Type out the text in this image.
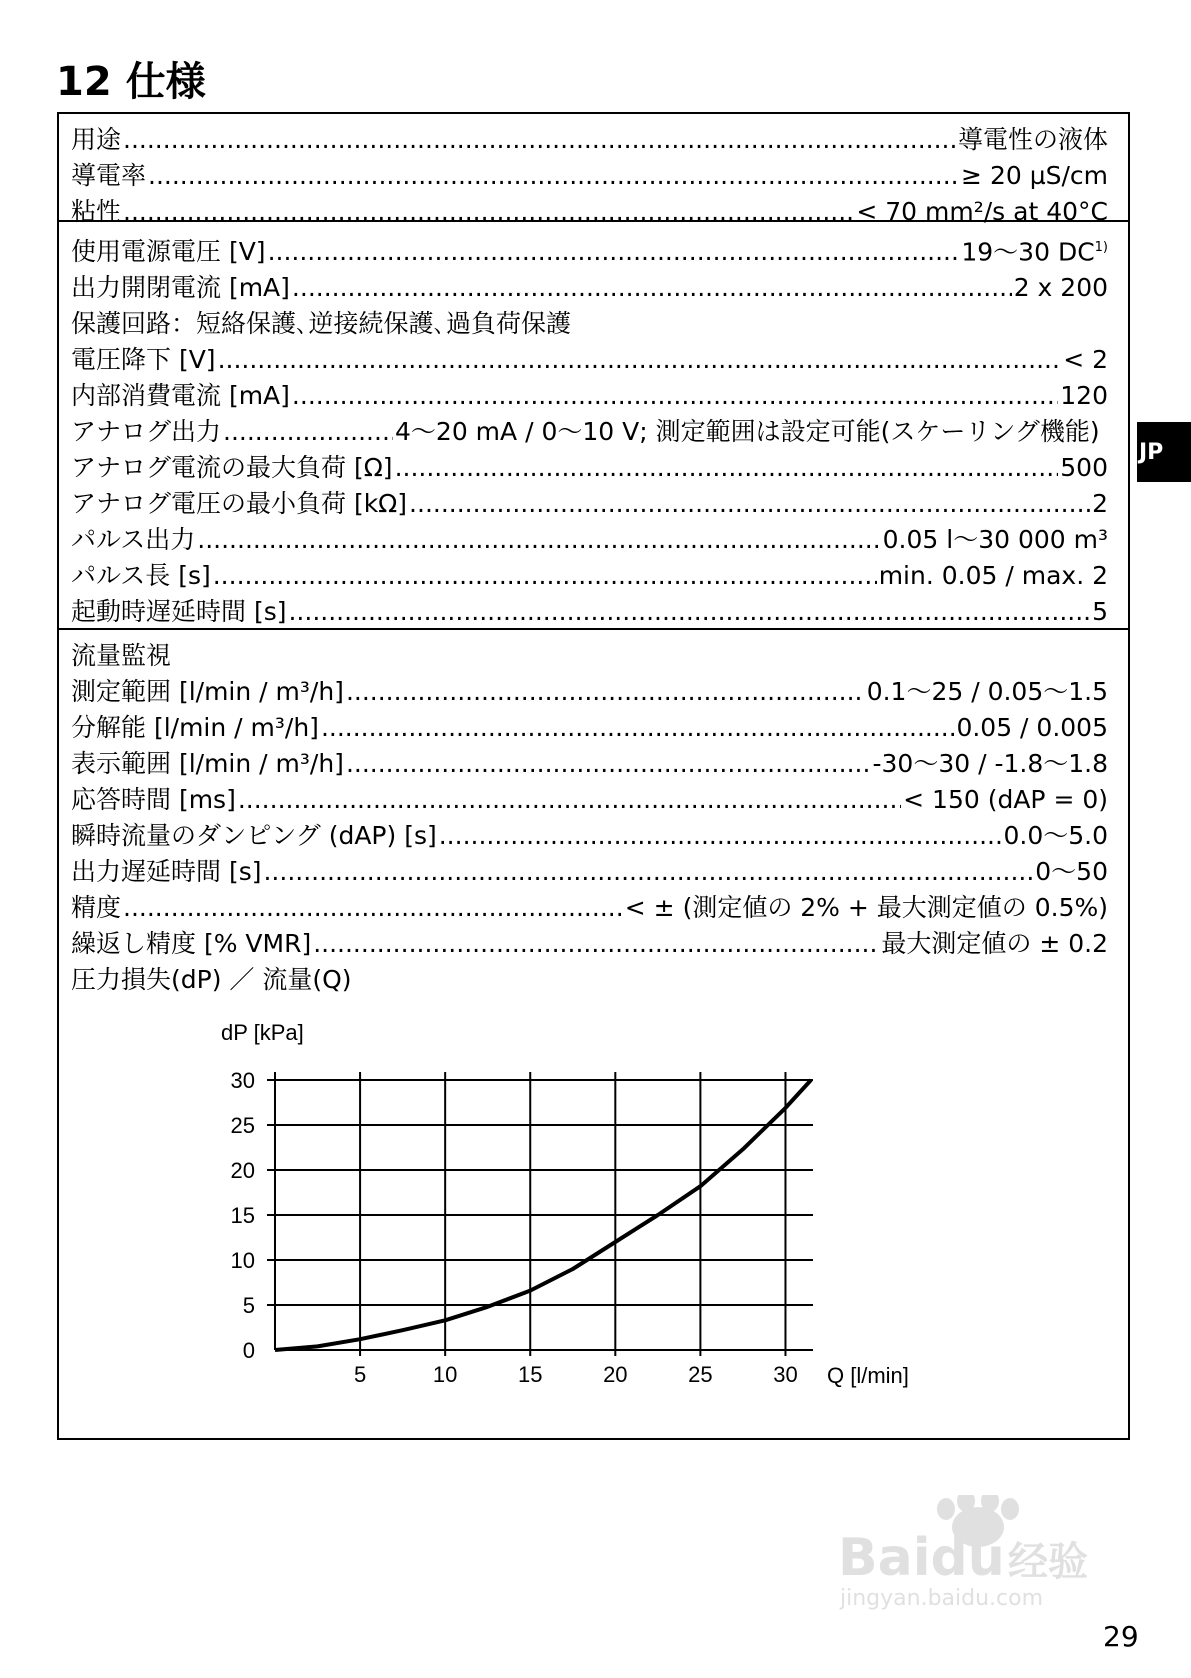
12 仕様
用途 .....	導電性の液体
導電率 .....	≥ 20 µS/cm
粘性 .....	< 70 mm²/s at 40°C
使用電源電圧 [V] .....	19〜30 DC$^{1)}$
出力開閉電流 [mA] .....	2 x 200
保護回路：短絡保護､逆接続保護､過負荷保護
電圧降下 [V] .....	< 2
内部消費電流 [mA] .....	120
アナログ出力 .....	4〜20 mA / 0〜10 V; 測定範囲は設定可能(スケーリング機能)
アナログ電流の最大負荷 [Ω] .....	500
アナログ電圧の最小負荷 [kΩ] .....	2
パルス出力 .....	0.05 l〜30 000 m³
パルス長 [s] .....	min. 0.05 / max. 2
起動時遅延時間 [s] .....	5
流量監視
測定範囲 [l/min / m³/h] .....	0.1〜25 / 0.05〜1.5
分解能 [l/min / m³/h] .....	0.05 / 0.005
表示範囲 [l/min / m³/h] .....	-30〜30 / -1.8〜1.8
応答時間 [ms] .....	< 150 (dAP = 0)
瞬時流量のダンピング (dAP) [s] .....	0.0〜5.0
出力遅延時間 [s] .....	0〜50
精度 .....	< ± (測定値の 2% + 最大測定値の 0.5%)
繰返し精度 [% VMR] .....	最大測定値の ± 0.2
圧力損失(dP) ／ 流量(Q)
5	10	15	20	25	30
0
5
10
15
20
25
30
dP [kPa]
Q [l/min]
JP
Baidu 经验
jingyan.baidu.com
29
